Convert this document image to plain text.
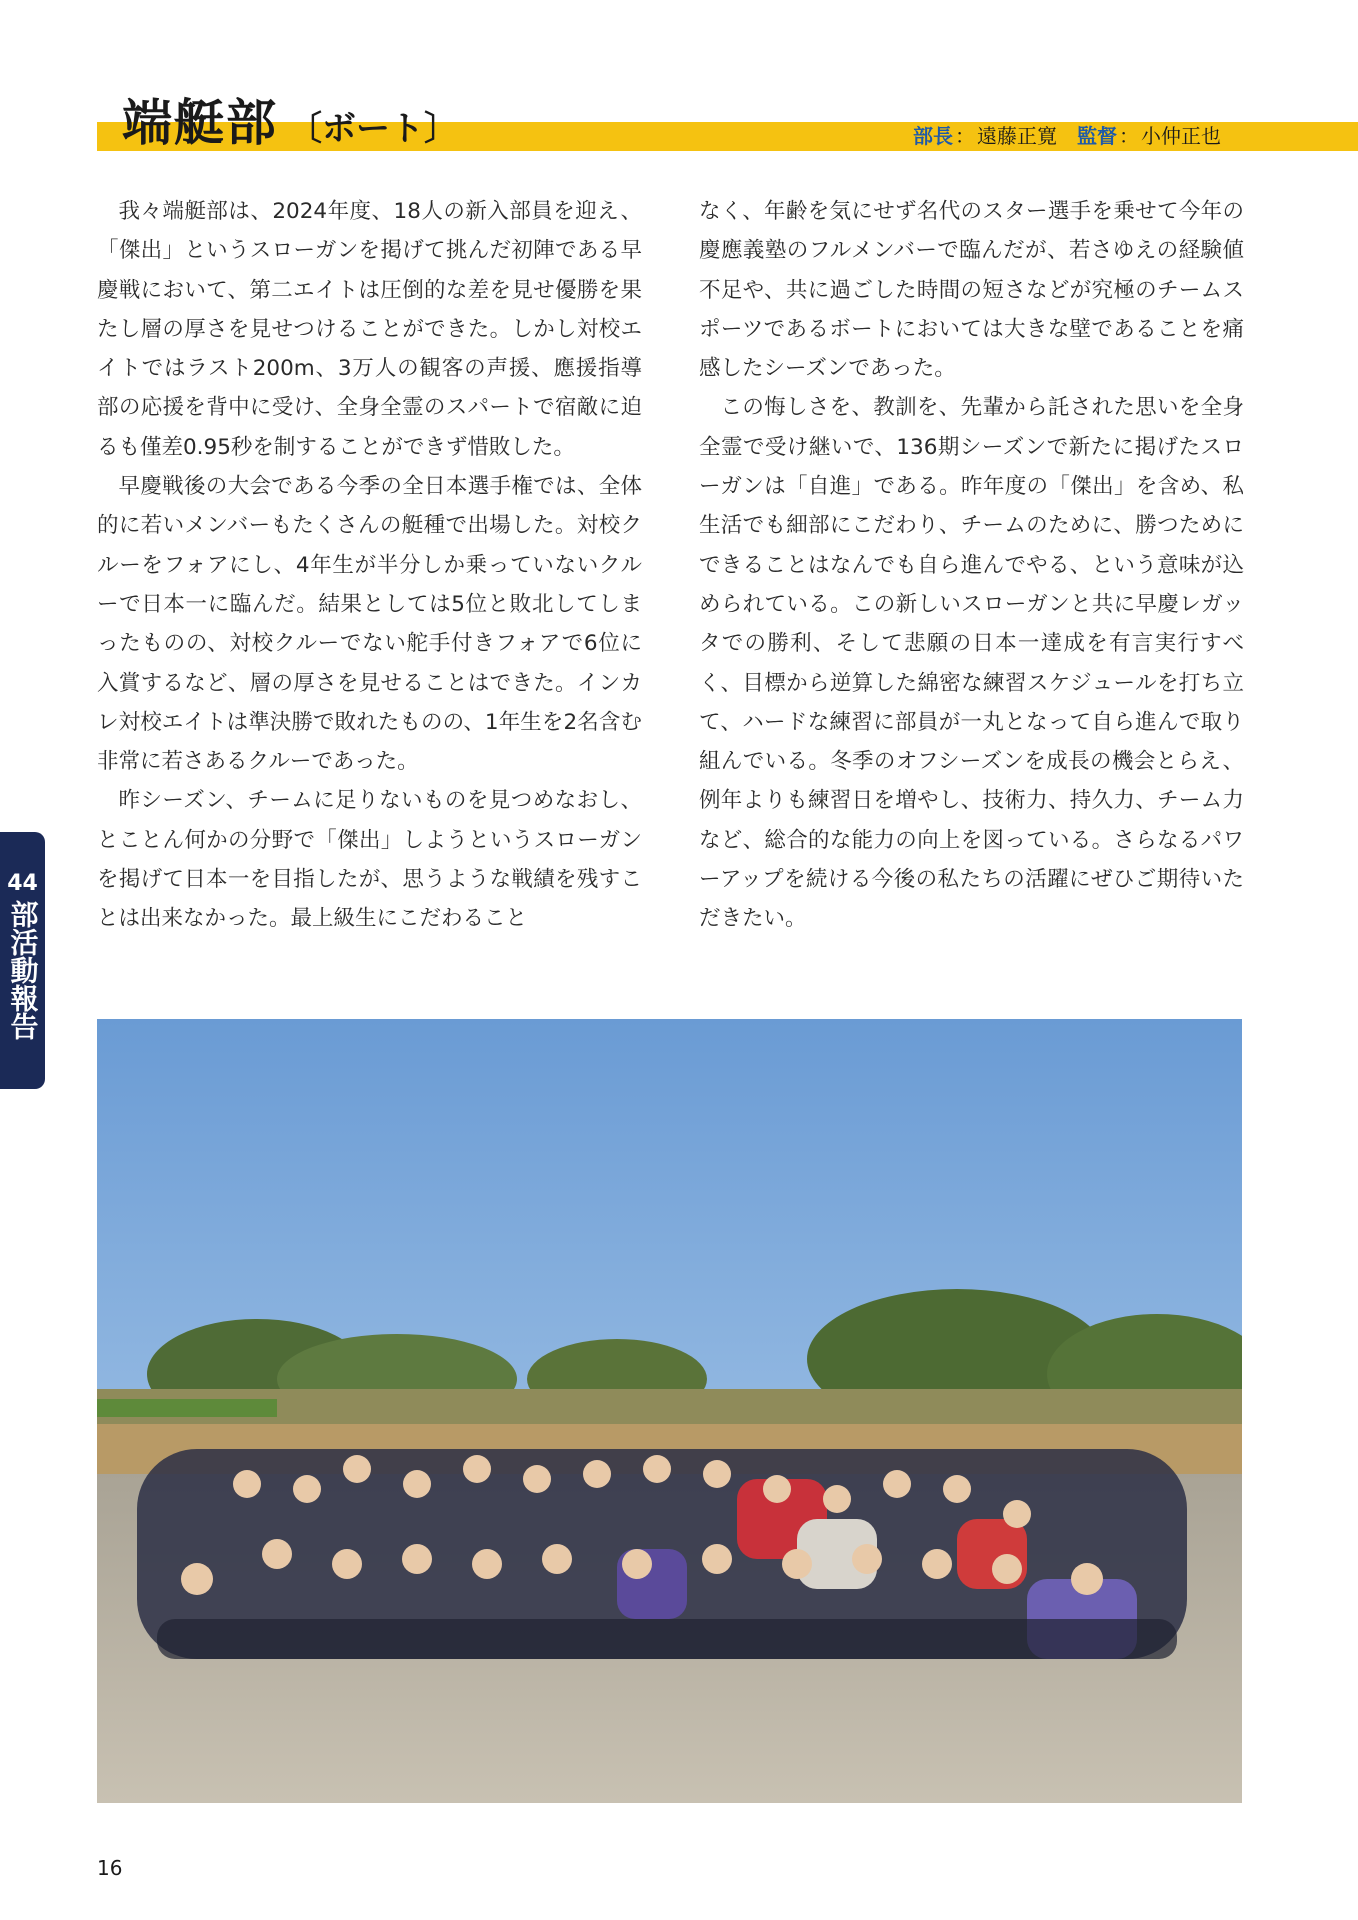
端艇部 〔ボート〕	部長 ： 遠藤正寛 監督 ： 小仲正也

我々端艇部は、2024年度、18人の新入部員を迎え、「傑出」というスローガンを掲げて挑んだ初陣である早慶戦において、第二エイトは圧倒的な差を見せ優勝を果たし層の厚さを見せつけることができた。しかし対校エイトではラスト200m、3万人の観客の声援、應援指導部の応援を背中に受け、全身全霊のスパートで宿敵に迫るも僅差0.95秒を制することができず惜敗した。

早慶戦後の大会である今季の全日本選手権では、全体的に若いメンバーもたくさんの艇種で出場した。対校クルーをフォアにし、4年生が半分しか乗っていないクルーで日本一に臨んだ。結果としては5位と敗北してしまったものの、対校クルーでない舵手付きフォアで6位に入賞するなど、層の厚さを見せることはできた。インカレ対校エイトは準決勝で敗れたものの、1年生を2名含む非常に若さあるクルーであった。

昨シーズン、チームに足りないものを見つめなおし、とことん何かの分野で「傑出」しようというスローガンを掲げて日本一を目指したが、思うような戦績を残すことは出来なかった。最上級生にこだわること

なく、年齢を気にせず名代のスター選手を乗せて今年の慶應義塾のフルメンバーで臨んだが、若さゆえの経験値不足や、共に過ごした時間の短さなどが究極のチームスポーツであるボートにおいては大きな壁であることを痛感したシーズンであった。

この悔しさを、教訓を、先輩から託された思いを全身全霊で受け継いで、136期シーズンで新たに掲げたスローガンは「自進」である。昨年度の「傑出」を含め、私生活でも細部にこだわり、チームのために、勝つためにできることはなんでも自ら進んでやる、という意味が込められている。この新しいスローガンと共に早慶レガッタでの勝利、そして悲願の日本一達成を有言実行すべく、目標から逆算した綿密な練習スケジュールを打ち立て、ハードな練習に部員が一丸となって自ら進んで取り組んでいる。冬季のオフシーズンを成長の機会とらえ、例年よりも練習日を増やし、技術力、持久力、チーム力など、総合的な能力の向上を図っている。さらなるパワーアップを続ける今後の私たちの活躍にぜひご期待いただきたい。

44
部活動報告
16
